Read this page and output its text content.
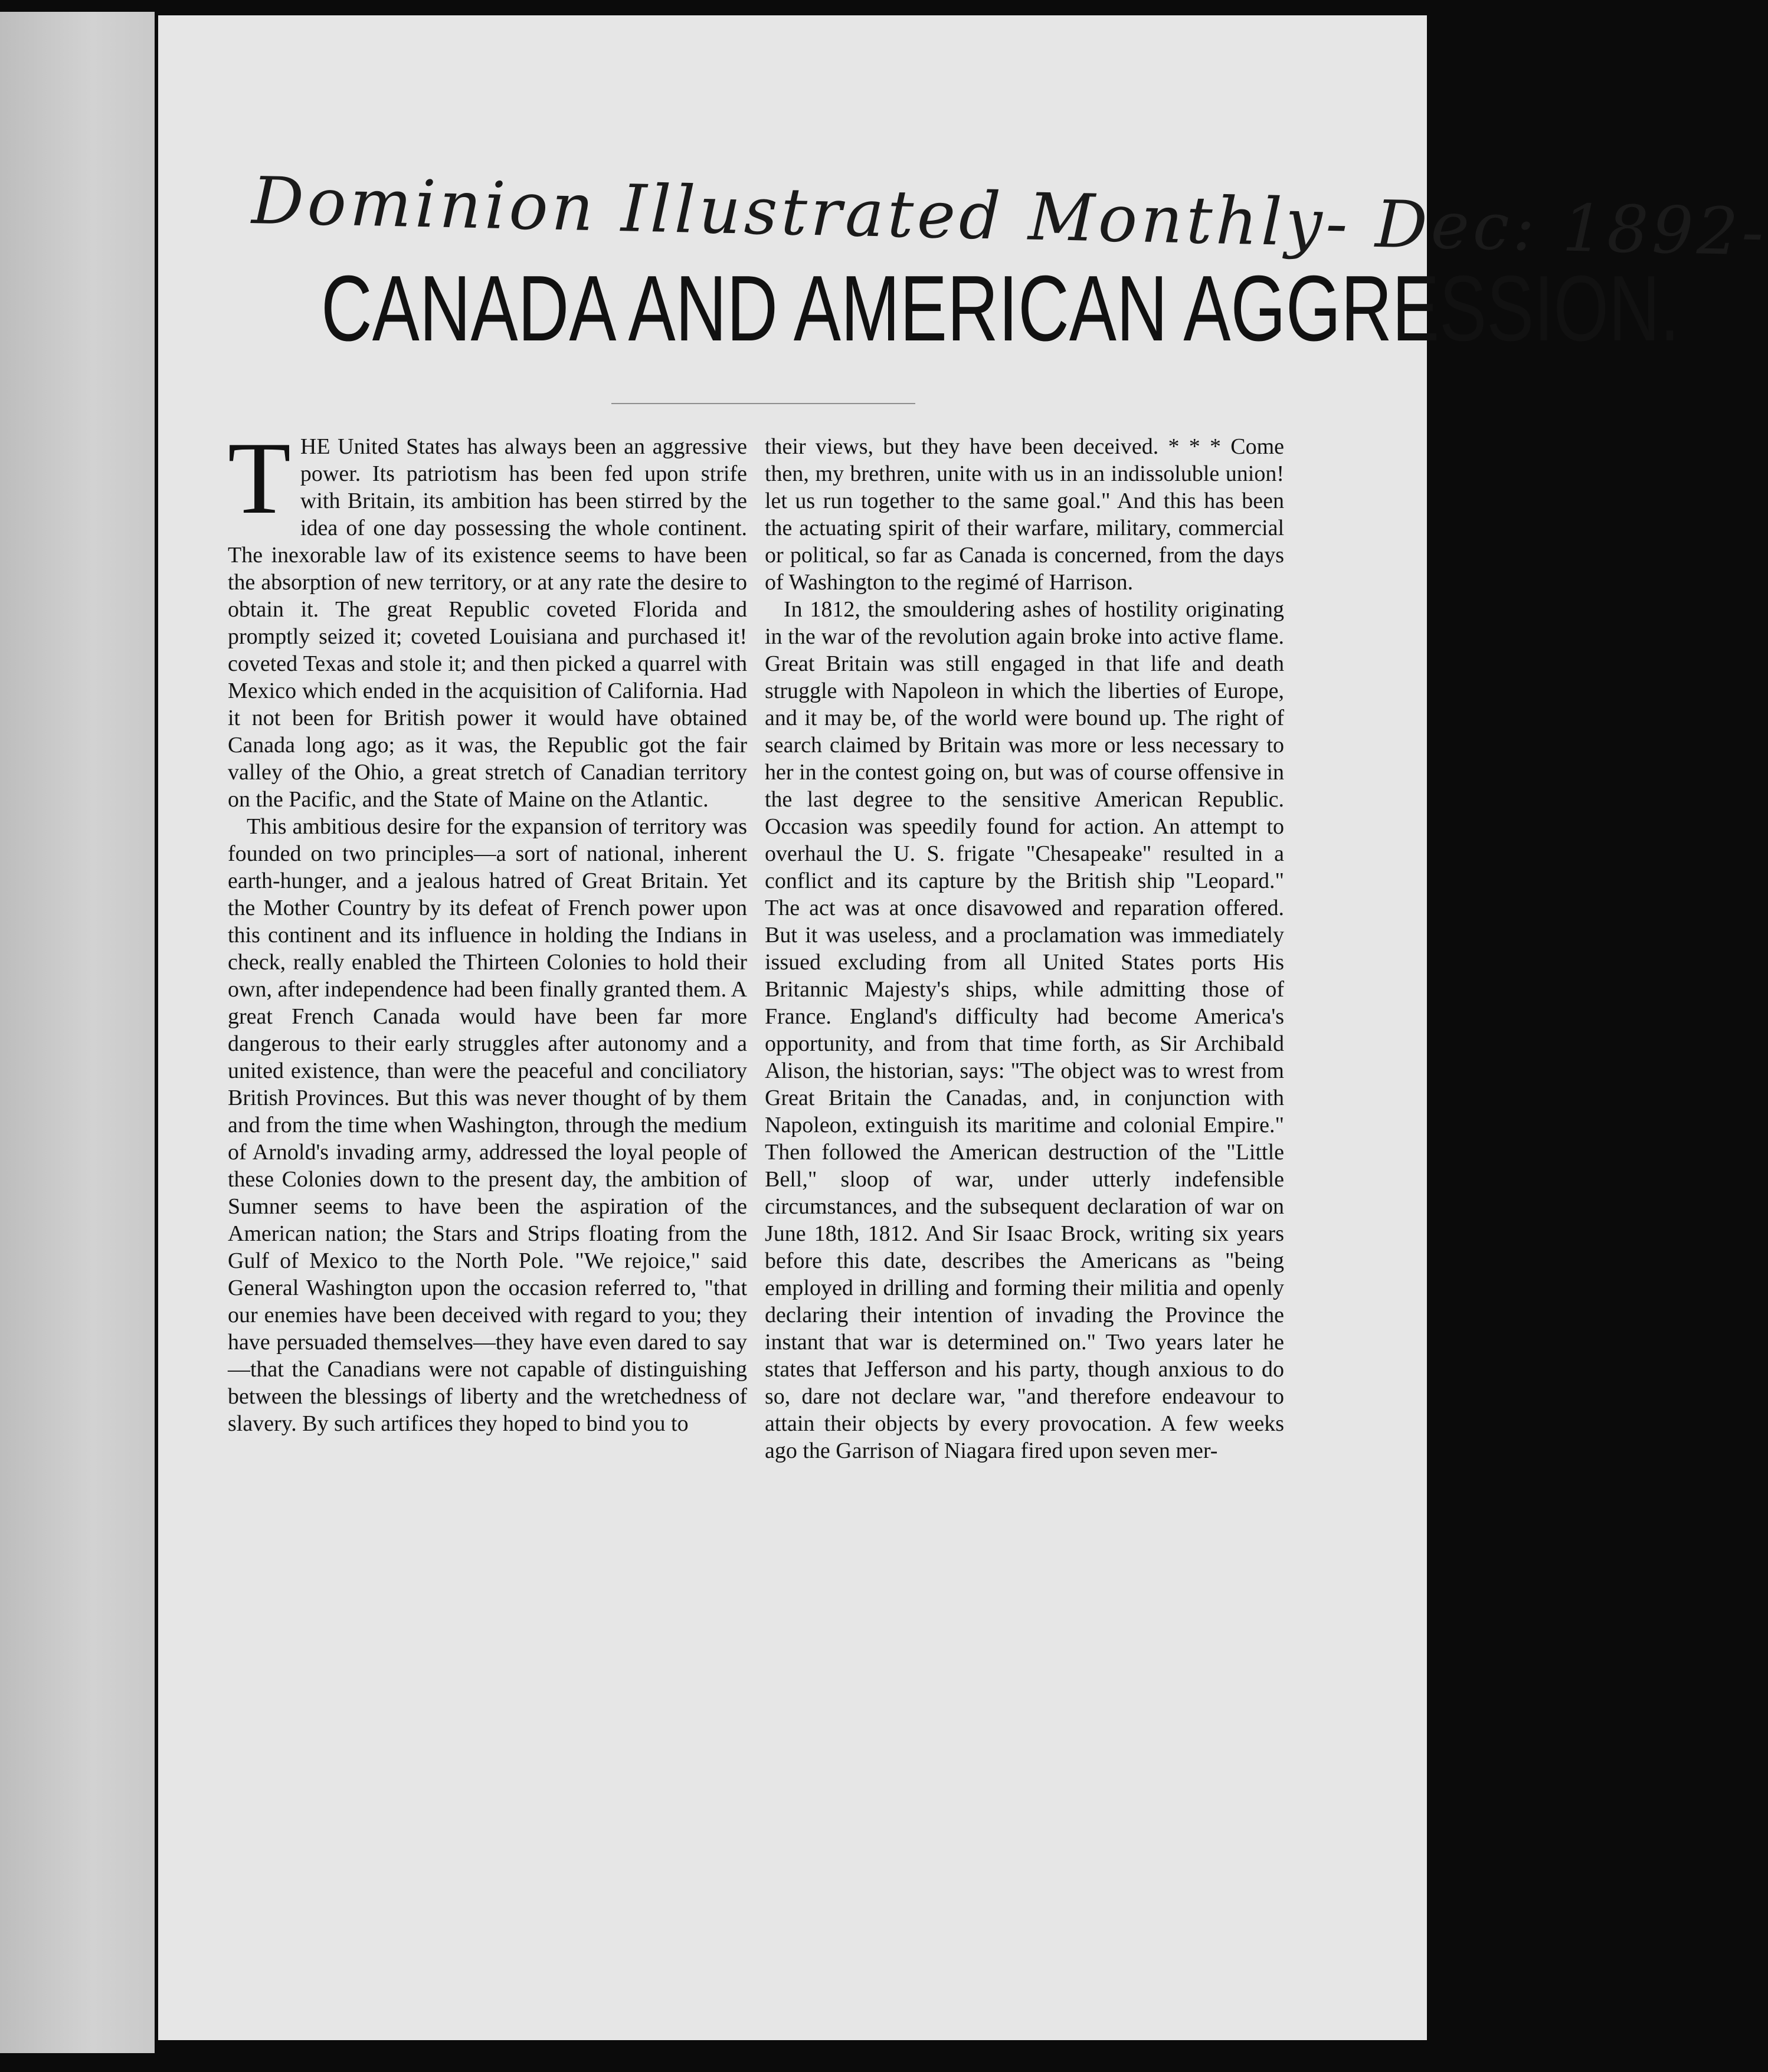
Dominion Illustrated Monthly- Dec: 1892-
CANADA AND AMERICAN AGGRESSION.

THE United States has always been an aggressive power. Its patriotism has been fed upon strife with Britain, its ambition has been stirred by the idea of one day possessing the whole continent. The inexorable law of its existence seems to have been the absorption of new territory, or at any rate the desire to obtain it. The great Republic coveted Florida and promptly seized it; coveted Louisiana and purchased it! coveted Texas and stole it; and then picked a quarrel with Mexico which ended in the acquisition of California. Had it not been for British power it would have obtained Canada long ago; as it was, the Republic got the fair valley of the Ohio, a great stretch of Canadian territory on the Pacific, and the State of Maine on the Atlantic.

This ambitious desire for the expansion of territory was founded on two principles—a sort of national, inherent earth-hunger, and a jealous hatred of Great Britain. Yet the Mother Country by its defeat of French power upon this continent and its influence in holding the Indians in check, really enabled the Thirteen Colonies to hold their own, after independence had been finally granted them. A great French Canada would have been far more dangerous to their early struggles after autonomy and a united existence, than were the peaceful and conciliatory British Provinces. But this was never thought of by them and from the time when Washington, through the medium of Arnold's invading army, addressed the loyal people of these Colonies down to the present day, the ambition of Sumner seems to have been the aspiration of the American nation; the Stars and Strips floating from the Gulf of Mexico to the North Pole. "We rejoice," said General Washington upon the occasion referred to, "that our enemies have been deceived with regard to you; they have persuaded themselves—they have even dared to say—that the Canadians were not capable of distinguishing between the blessings of liberty and the wretchedness of slavery. By such artifices they hoped to bind you to

their views, but they have been deceived. * * * Come then, my brethren, unite with us in an indissoluble union! let us run together to the same goal." And this has been the actuating spirit of their warfare, military, commercial or political, so far as Canada is concerned, from the days of Washington to the regimé of Harrison.

In 1812, the smouldering ashes of hostility originating in the war of the revolution again broke into active flame. Great Britain was still engaged in that life and death struggle with Napoleon in which the liberties of Europe, and it may be, of the world were bound up. The right of search claimed by Britain was more or less necessary to her in the contest going on, but was of course offensive in the last degree to the sensitive American Republic. Occasion was speedily found for action. An attempt to overhaul the U. S. frigate "Chesapeake" resulted in a conflict and its capture by the British ship "Leopard." The act was at once disavowed and reparation offered. But it was useless, and a proclamation was immediately issued excluding from all United States ports His Britannic Majesty's ships, while admitting those of France. England's difficulty had become America's opportunity, and from that time forth, as Sir Archibald Alison, the historian, says: "The object was to wrest from Great Britain the Canadas, and, in conjunction with Napoleon, extinguish its maritime and colonial Empire." Then followed the American destruction of the "Little Bell," sloop of war, under utterly indefensible circumstances, and the subsequent declaration of war on June 18th, 1812. And Sir Isaac Brock, writing six years before this date, describes the Americans as "being employed in drilling and forming their militia and openly declaring their intention of invading the Province the instant that war is determined on." Two years later he states that Jefferson and his party, though anxious to do so, dare not declare war, "and therefore endeavour to attain their objects by every provocation. A few weeks ago the Garrison of Niagara fired upon seven mer-
